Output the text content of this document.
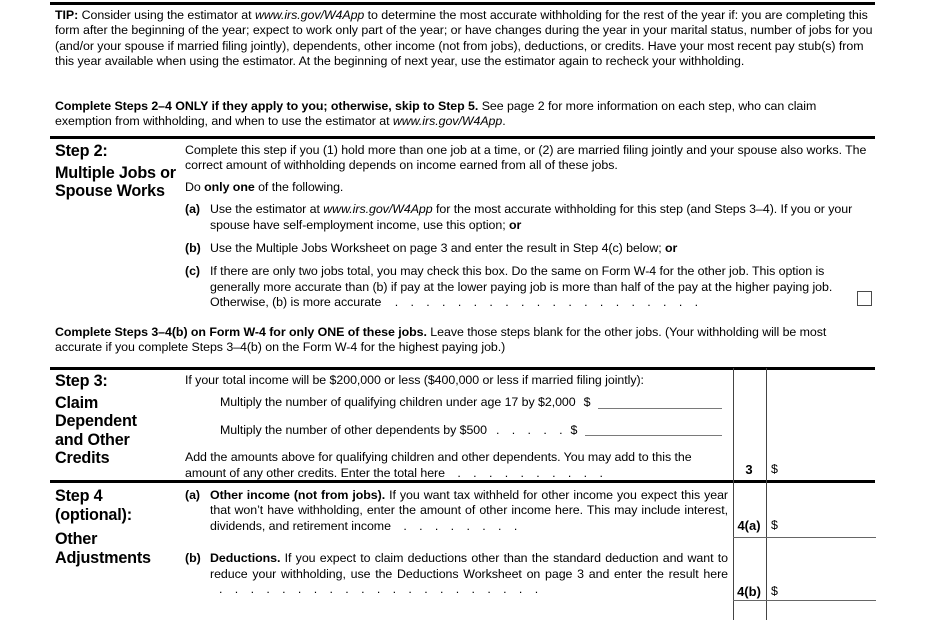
TIP: Consider using the estimator at www.irs.gov/W4App to determine the most accurate withholding for the rest of the year if: you are completing this form after the beginning of the year; expect to work only part of the year; or have changes during the year in your marital status, number of jobs for you (and/or your spouse if married filing jointly), dependents, other income (not from jobs), deductions, or credits. Have your most recent pay stub(s) from this year available when using the estimator. At the beginning of next year, use the estimator again to recheck your withholding.
Complete Steps 2–4 ONLY if they apply to you; otherwise, skip to Step 5. See page 2 for more information on each step, who can claim exemption from withholding, and when to use the estimator at www.irs.gov/W4App.
Step 2:
Multiple Jobs or Spouse Works

Complete this step if you (1) hold more than one job at a time, or (2) are married filing jointly and your spouse also works. The correct amount of withholding depends on income earned from all of these jobs.

Do only one of the following.

(a) Use the estimator at www.irs.gov/W4App for the most accurate withholding for this step (and Steps 3–4). If you or your spouse have self-employment income, use this option; or
(b) Use the Multiple Jobs Worksheet on page 3 and enter the result in Step 4(c) below; or
(c) If there are only two jobs total, you may check this box. Do the same on Form W-4 for the other job. This option is generally more accurate than (b) if pay at the lower paying job is more than half of the pay at the higher paying job. Otherwise, (b) is more accurate . . . . . . . . . . . . . . . . . . . .
Complete Steps 3–4(b) on Form W-4 for only ONE of these jobs. Leave those steps blank for the other jobs. (Your withholding will be most accurate if you complete Steps 3–4(b) on the Form W-4 for the highest paying job.)
Step 3:
Claim Dependent and Other Credits

If your total income will be $200,000 or less ($400,000 or less if married filing jointly):

Multiply the number of qualifying children under age 17 by $2,000 $
Multiply the number of other dependents by $500 . . . . . $

Add the amounts above for qualifying children and other dependents. You may add to this the amount of any other credits. Enter the total here . . . . . . . . . .	3	$
Step 4
(optional):
Other Adjustments
(a) Other income (not from jobs). If you want tax withheld for other income you expect this year that won’t have withholding, enter the amount of other income here. This may include interest, dividends, and retirement income . . . . . . . .
(b) Deductions. If you expect to claim deductions other than the standard deduction and want to reduce your withholding, use the Deductions Worksheet on page 3 and enter the result here . . . . . . . . . . . . . . . . . . . . .
4(a) $
4(b) $
